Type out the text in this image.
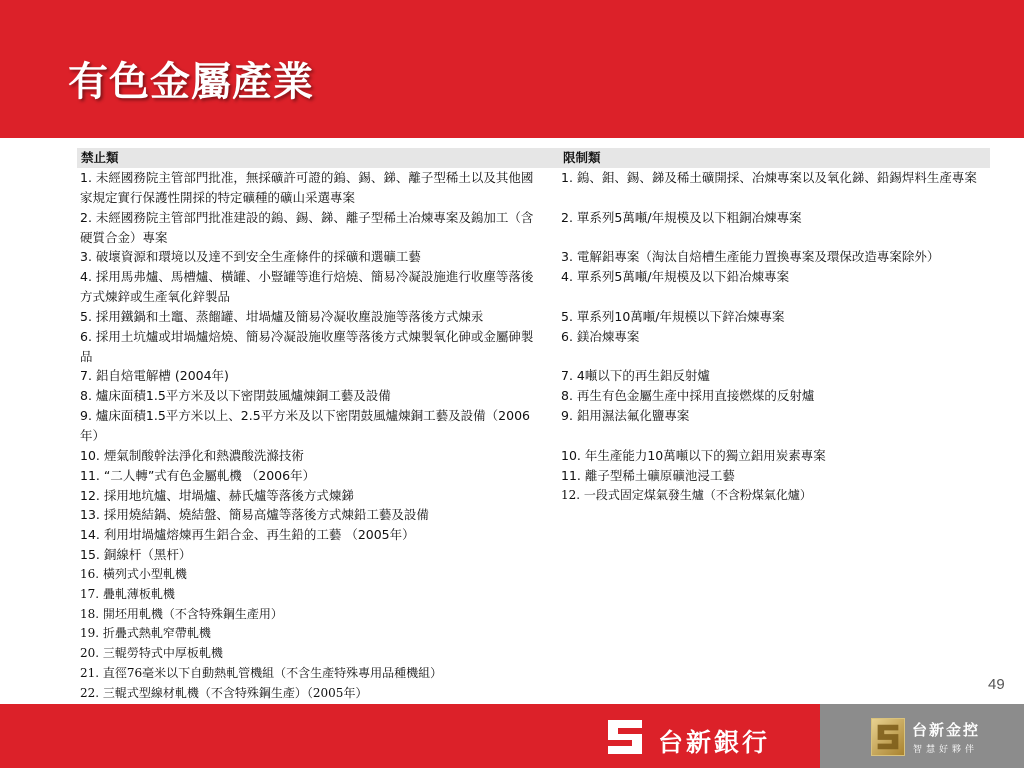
有色金屬產業
禁止類	限制類
1. 未經國務院主管部門批准，無採礦許可證的鎢、錫、銻、離子型稀土以及其他國家規定實行保護性開採的特定礦種的礦山采選專案
2. 未經國務院主管部門批准建設的鎢、錫、銻、離子型稀土冶煉專案及鎢加工（含硬質合金）專案
3. 破壞資源和環境以及達不到安全生產條件的採礦和選礦工藝
4. 採用馬弗爐、馬槽爐、橫罐、小豎罐等進行焙燒、簡易冷凝設施進行收塵等落後方式煉鋅或生產氧化鋅製品
5. 採用鐵鍋和土竈、蒸餾罐、坩堝爐及簡易冷凝收塵設施等落後方式煉汞
6. 採用土坑爐或坩堝爐焙燒、簡易冷凝設施收塵等落後方式煉製氧化砷或金屬砷製品
7. 鋁自焙電解槽 (2004年)
8. 爐床面積1.5平方米及以下密閉鼓風爐煉銅工藝及設備
9. 爐床面積1.5平方米以上、2.5平方米及以下密閉鼓風爐煉銅工藝及設備（2006年）
10. 煙氣制酸幹法淨化和熱濃酸洗滌技術
11. “二人轉”式有色金屬軋機 （2006年）
12. 採用地坑爐、坩堝爐、赫氏爐等落後方式煉銻
13. 採用燒結鍋、燒結盤、簡易高爐等落後方式煉鉛工藝及設備
14. 利用坩堝爐熔煉再生鋁合金、再生鉛的工藝 （2005年）
15. 銅線杆（黑杆）
16. 橫列式小型軋機
17. 疊軋薄板軋機
18. 開坯用軋機（不含特殊鋼生產用）
19. 折疊式熱軋窄帶軋機
20. 三輥勞特式中厚板軋機
21. 直徑76毫米以下自動熱軋管機組（不含生產特殊專用品種機組）
22. 三輥式型線材軋機（不含特殊鋼生產）（2005年）
1. 鎢、鉬、錫、銻及稀土礦開採、冶煉專案以及氧化銻、鉛錫焊料生產專案
2. 單系列5萬噸/年規模及以下粗銅冶煉專案
3. 電解鋁專案（淘汰自焙槽生產能力置換專案及環保改造專案除外）
4. 單系列5萬噸/年規模及以下鉛冶煉專案
5. 單系列10萬噸/年規模以下鋅冶煉專案
6. 鎂冶煉專案
7. 4噸以下的再生鋁反射爐
8. 再生有色金屬生產中採用直接燃煤的反射爐
9. 鋁用濕法氟化鹽專案
10. 年生產能力10萬噸以下的獨立鋁用炭素專案
11. 離子型稀土礦原礦池浸工藝
12. 一段式固定煤氣發生爐（不含粉煤氣化爐）
49
台新銀行	台新金控
智慧好夥伴
